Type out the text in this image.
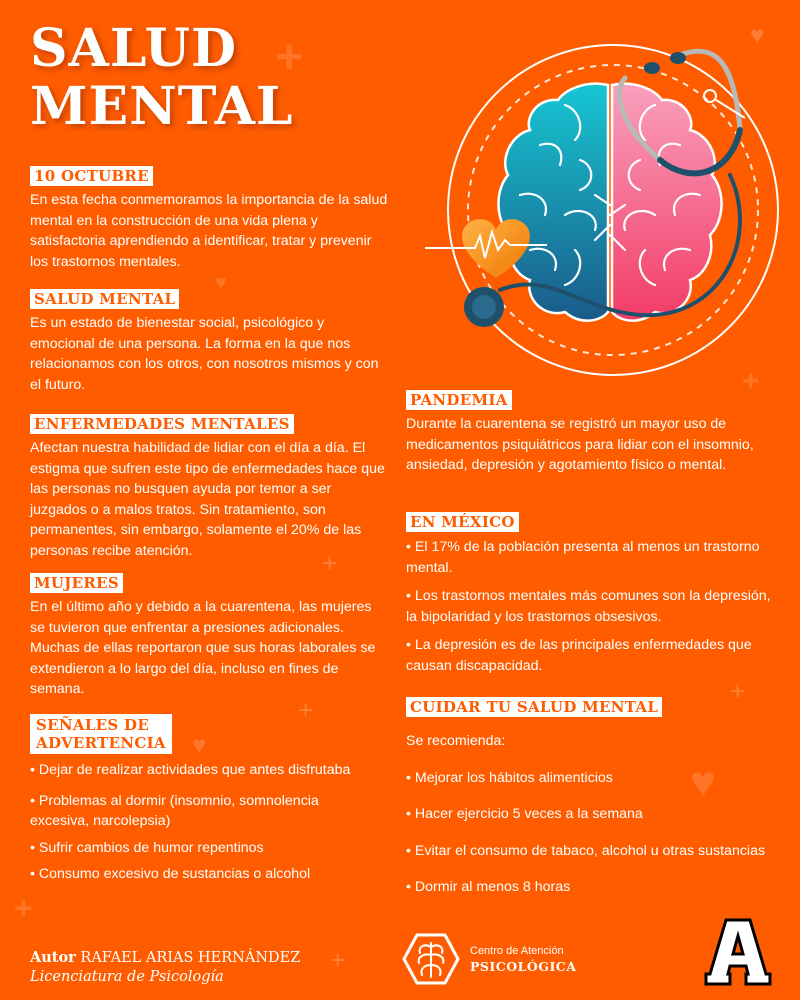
+	♥
♥
+
+
+
♥
♥
+
+
+
SALUD
MENTAL
10 OCTUBRE
En esta fecha conmemoramos la importancia de la salud mental en la construcción de una vida plena y satisfactoria aprendiendo a identificar, tratar y prevenir los trastornos mentales.
SALUD MENTAL
Es un estado de bienestar social, psicológico y emocional de una persona. La forma en la que nos relacionamos con los otros, con nosotros mismos y con el futuro.
ENFERMEDADES MENTALES
Afectan nuestra habilidad de lidiar con el día a día. El estigma que sufren este tipo de enfermedades hace que las personas no busquen ayuda por temor a ser juzgados o a malos tratos. Sin tratamiento, son permanentes, sin embargo, solamente el 20% de las personas recibe atención.
MUJERES
En el último año y debido a la cuarentena, las mujeres se tuvieron que enfrentar a presiones adicionales. Muchas de ellas reportaron que sus horas laborales se extendieron a lo largo del día, incluso en fines de semana.
SEÑALES DE
ADVERTENCIA
• Dejar de realizar actividades que antes disfrutaba
• Problemas al dormir (insomnio, somnolencia excesiva, narcolepsia)
• Sufrir cambios de humor repentinos
• Consumo excesivo de sustancias o alcohol
PANDEMIA
Durante la cuarentena se registró un mayor uso de medicamentos psiquiátricos para lidiar con el insomnio, ansiedad, depresión y agotamiento físico o mental.
EN MÉXICO
• El 17% de la población presenta al menos un trastorno mental.
• Los trastornos mentales más comunes son la depresión, la bipolaridad y los trastornos obsesivos.
• La depresión es de las principales enfermedades que causan discapacidad.
CUIDAR TU SALUD MENTAL
Se recomienda:
• Mejorar los hábitos alimenticios
• Hacer ejercicio 5 veces a la semana
• Evitar el consumo de tabaco, alcohol u otras sustancias
• Dormir al menos 8 horas
Autor RAFAEL ARIAS HERNÁNDEZ
Licenciatura de Psicología
Centro de Atención
PSICOLÓGICA
